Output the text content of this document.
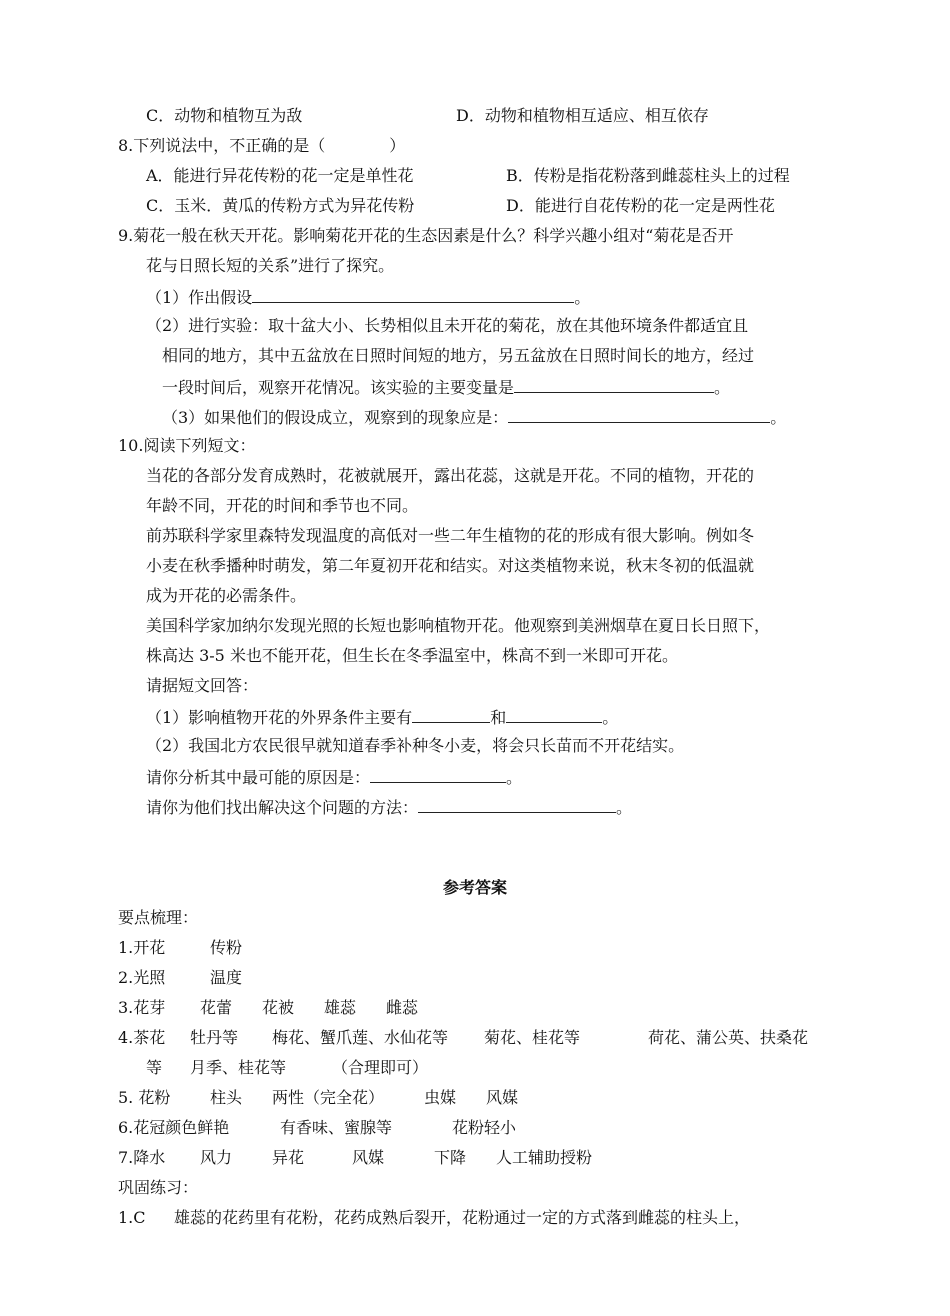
C．动物和植物互为敌	D．动物和植物相互适应、相互依存
8.下列说法中，不正确的是（	）
A．能进行异花传粉的花一定是单性花	B．传粉是指花粉落到雌蕊柱头上的过程
C．玉米．黄瓜的传粉方式为异花传粉	D．能进行自花传粉的花一定是两性花
9.菊花一般在秋天开花。影响菊花开花的生态因素是什么？科学兴趣小组对“菊花是否开
花与日照长短的关系”进行了探究。
（1）作出假设	。
（2）进行实验：取十盆大小、长势相似且未开花的菊花，放在其他环境条件都适宜且
相同的地方，其中五盆放在日照时间短的地方，另五盆放在日照时间长的地方，经过
一段时间后，观察开花情况。该实验的主要变量是	。
（3）如果他们的假设成立，观察到的现象应是：	。
10.阅读下列短文：
当花的各部分发育成熟时，花被就展开，露出花蕊，这就是开花。不同的植物，开花的
年龄不同，开花的时间和季节也不同。
前苏联科学家里森特发现温度的高低对一些二年生植物的花的形成有很大影响。例如冬
小麦在秋季播种时萌发，第二年夏初开花和结实。对这类植物来说，秋末冬初的低温就
成为开花的必需条件。
美国科学家加纳尔发现光照的长短也影响植物开花。他观察到美洲烟草在夏日长日照下，
株高达 3-5 米也不能开花，但生长在冬季温室中，株高不到一米即可开花。
请据短文回答：
（1）影响植物开花的外界条件主要有	和	。
（2）我国北方农民很早就知道春季补种冬小麦，将会只长苗而不开花结实。
请你分析其中最可能的原因是：	。
请你为他们找出解决这个问题的方法：	。
参考答案
要点梳理：
1.开花	传粉
2.光照	温度
3.花芽 花蕾 花被 雄蕊 雌蕊
4.茶花 牡丹等 梅花、蟹爪莲、水仙花等 菊花、桂花等	荷花、蒲公英、扶桑花
等 月季、桂花等	（合理即可）
5. 花粉 柱头 两性（完全花） 虫媒 风媒
6.花冠颜色鲜艳	有香味、蜜腺等	花粉轻小
7.降水 风力 异花	风媒	下降 人工辅助授粉
巩固练习：
1.C 雄蕊的花药里有花粉，花药成熟后裂开，花粉通过一定的方式落到雌蕊的柱头上，
